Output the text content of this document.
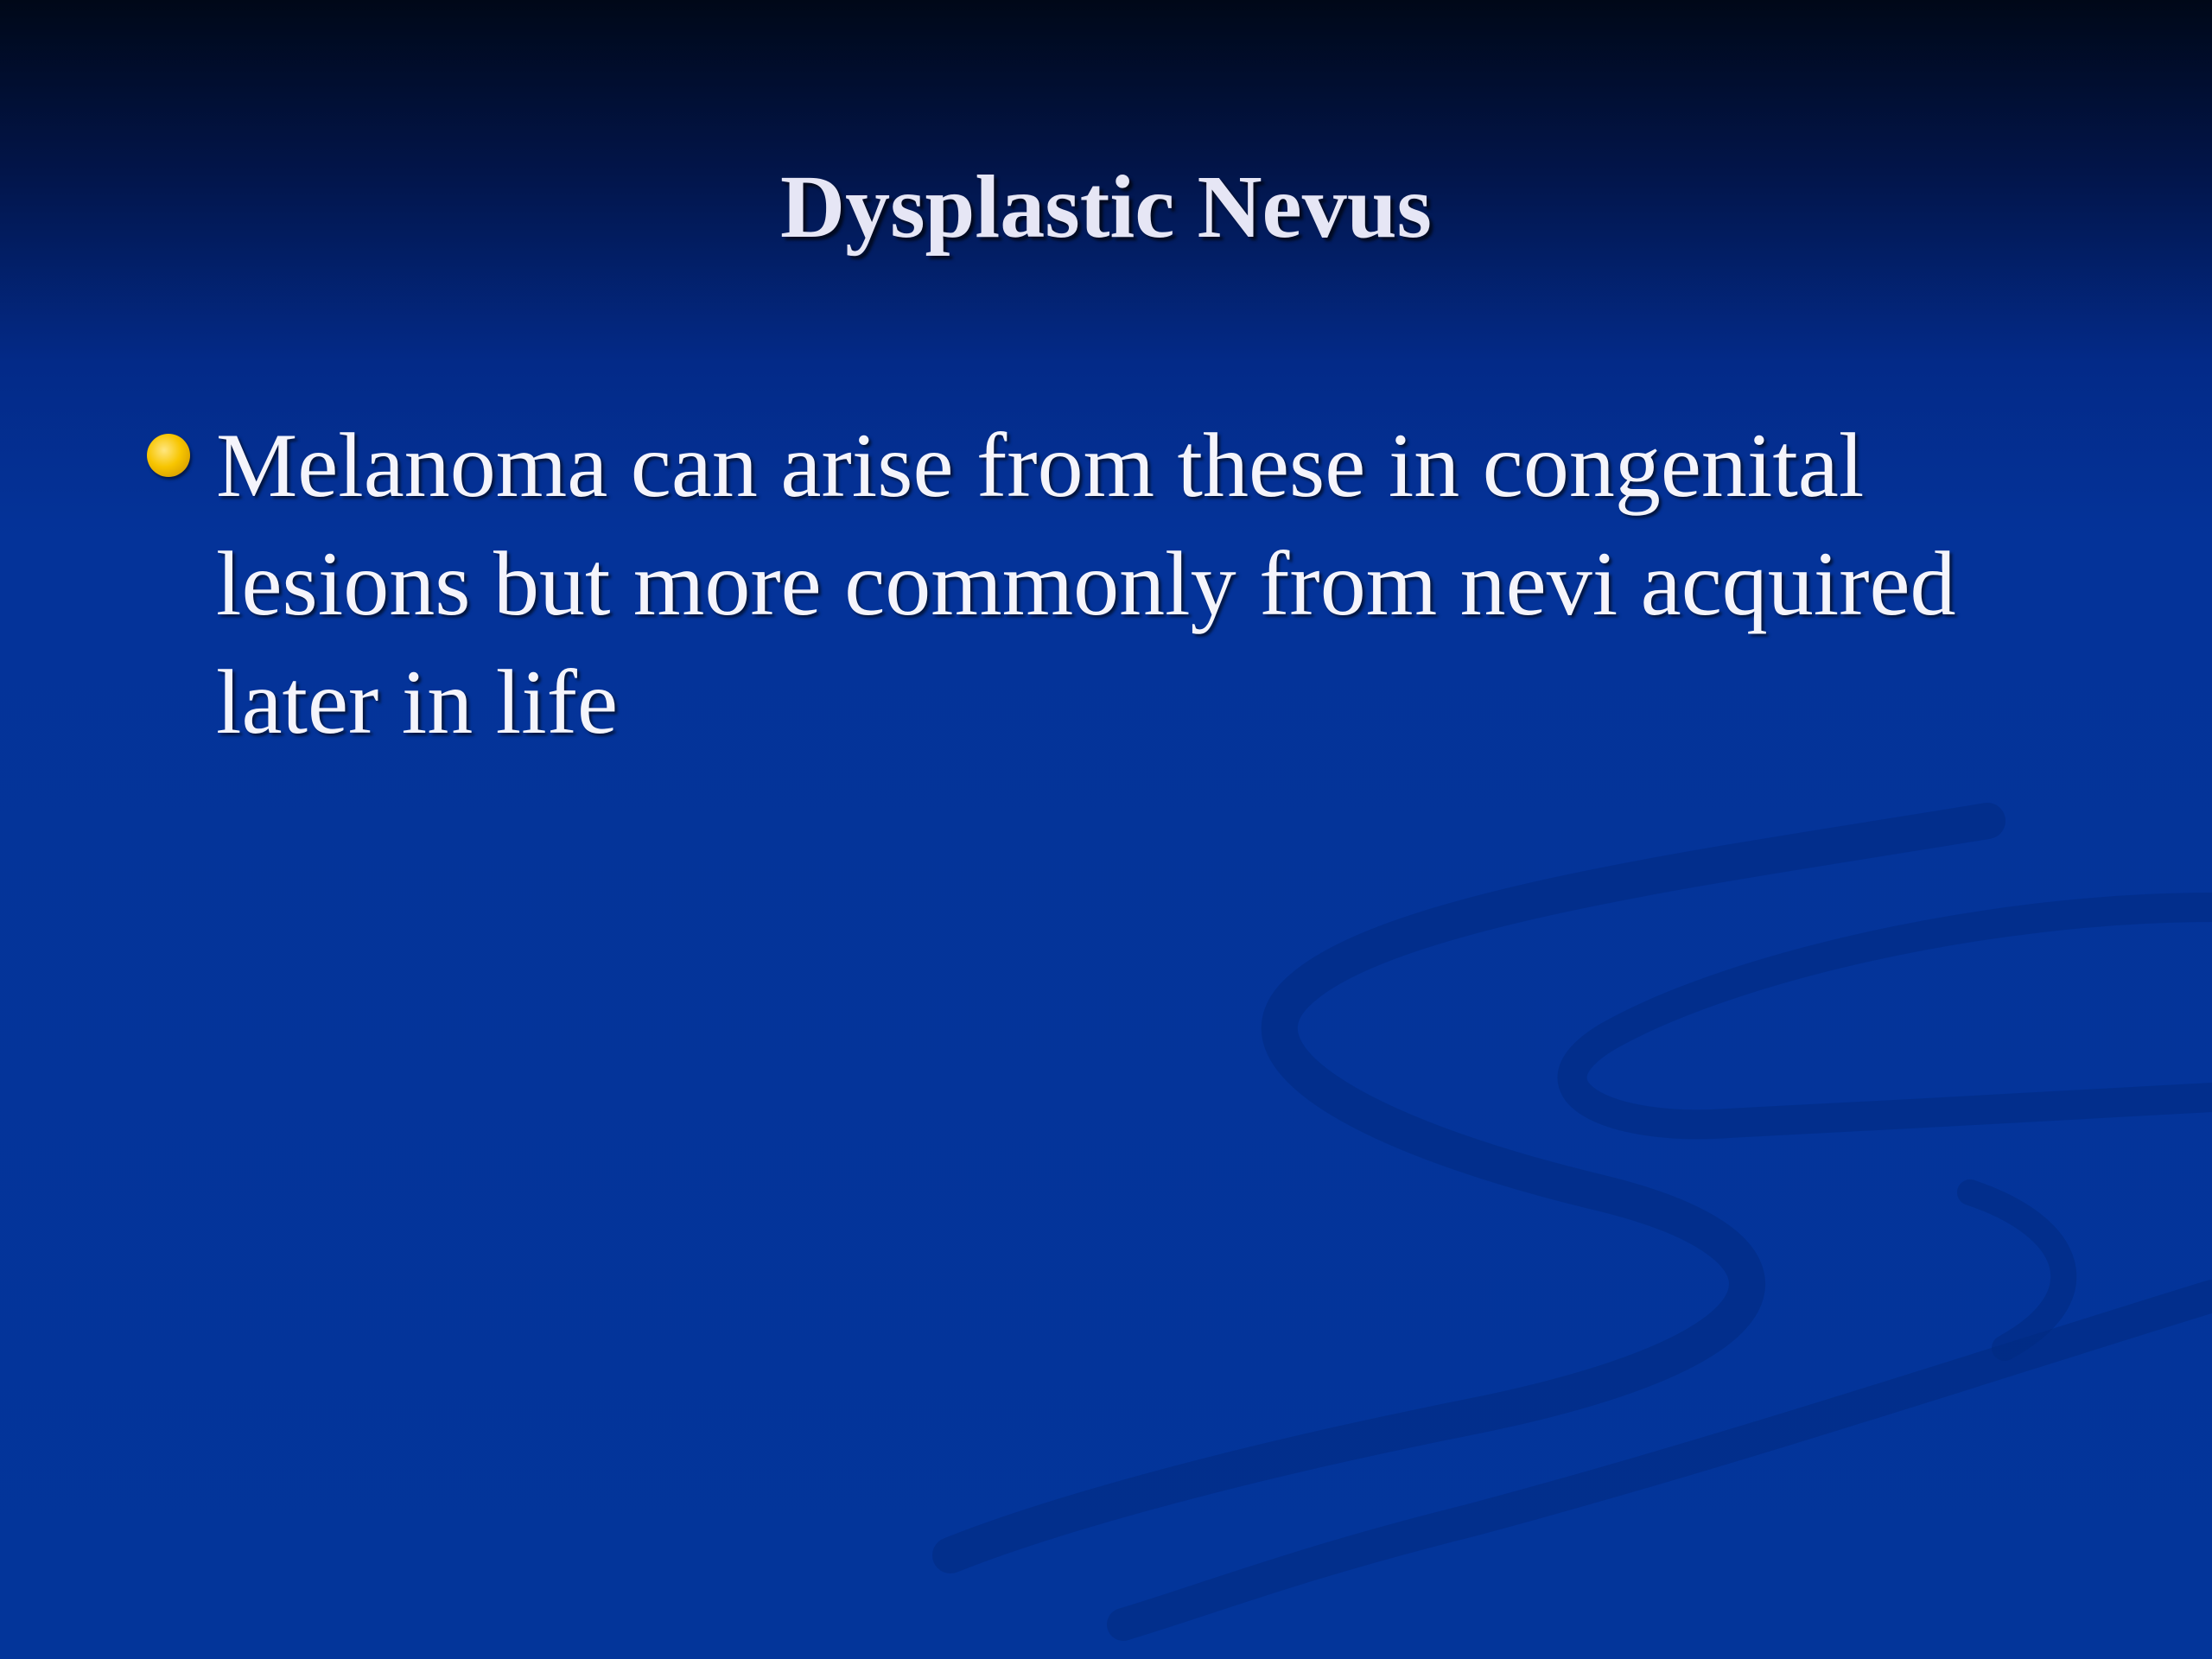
Dysplastic Nevus
Melanoma can arise from these in congenital lesions but more commonly from nevi acquired later in life
